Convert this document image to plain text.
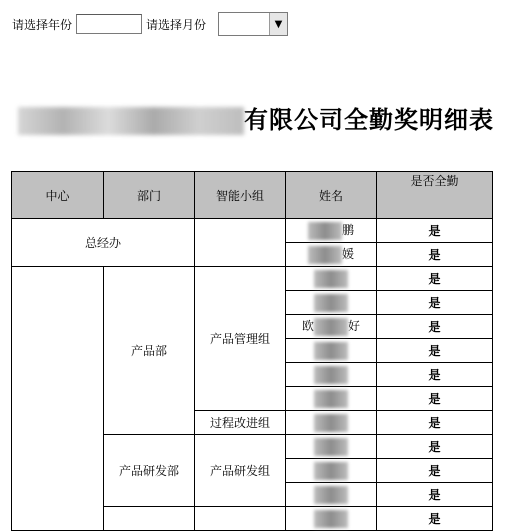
请选择年份	请选择月份	▼
有限公司全勤奖明细表
中心	部门	智能小组	姓名	是否全勤
总经办			鹏	是
			媛	是
	产品部	产品管理组		是
				是
			欧 好	是
				是
				是
				是
		过程改进组		是
	产品研发部	产品研发组		是
				是
				是
				是
